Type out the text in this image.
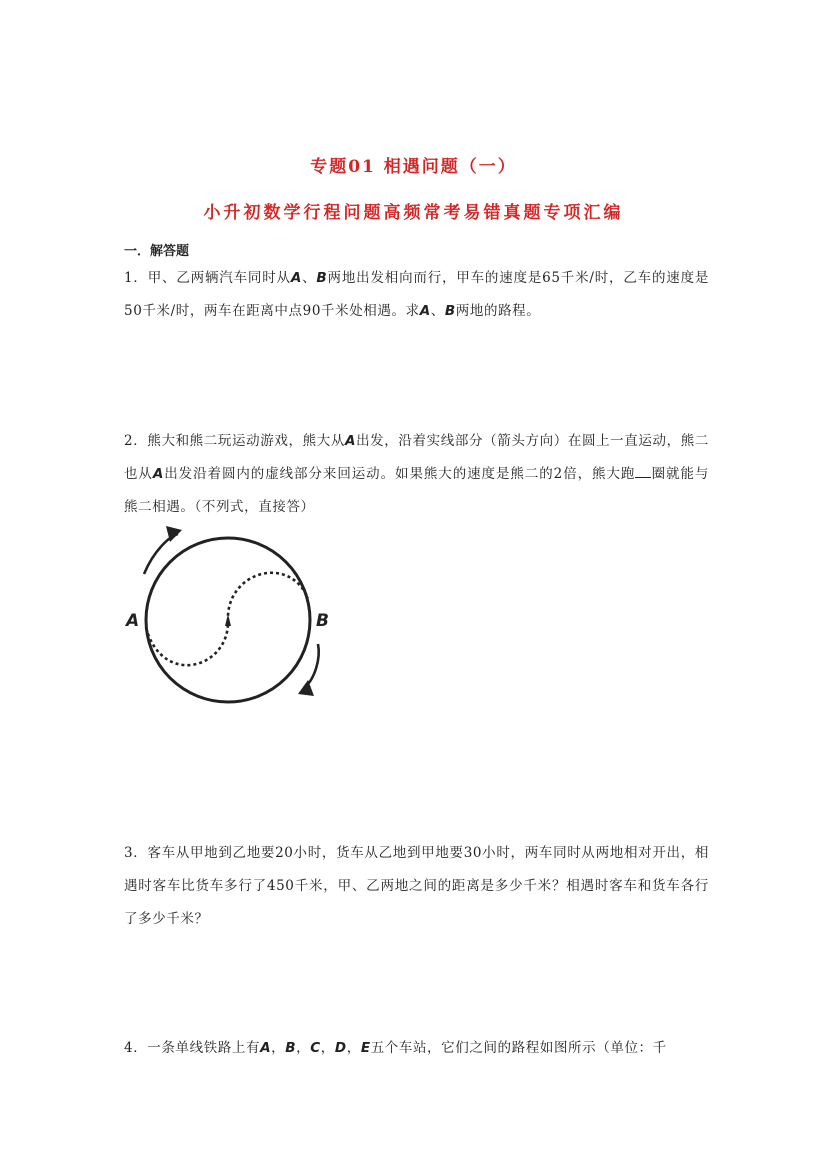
专题01 相遇问题（一）
小升初数学行程问题高频常考易错真题专项汇编
一．解答题
1．甲、乙两辆汽车同时从A、B两地出发相向而行，甲车的速度是65千米/时，乙车的速度是50千米/时，两车在距离中点90千米处相遇。求A、B两地的路程。
2．熊大和熊二玩运动游戏，熊大从A出发，沿着实线部分（箭头方向）在圆上一直运动，熊二也从A出发沿着圆内的虚线部分来回运动。如果熊大的速度是熊二的2倍，熊大跑 圈就能与熊二相遇。（不列式，直接答）
A	B
3．客车从甲地到乙地要20小时，货车从乙地到甲地要30小时，两车同时从两地相对开出，相遇时客车比货车多行了450千米，甲、乙两地之间的距离是多少千米？相遇时客车和货车各行了多少千米？
4．一条单线铁路上有A，B，C，D，E五个车站，它们之间的路程如图所示（单位：千
